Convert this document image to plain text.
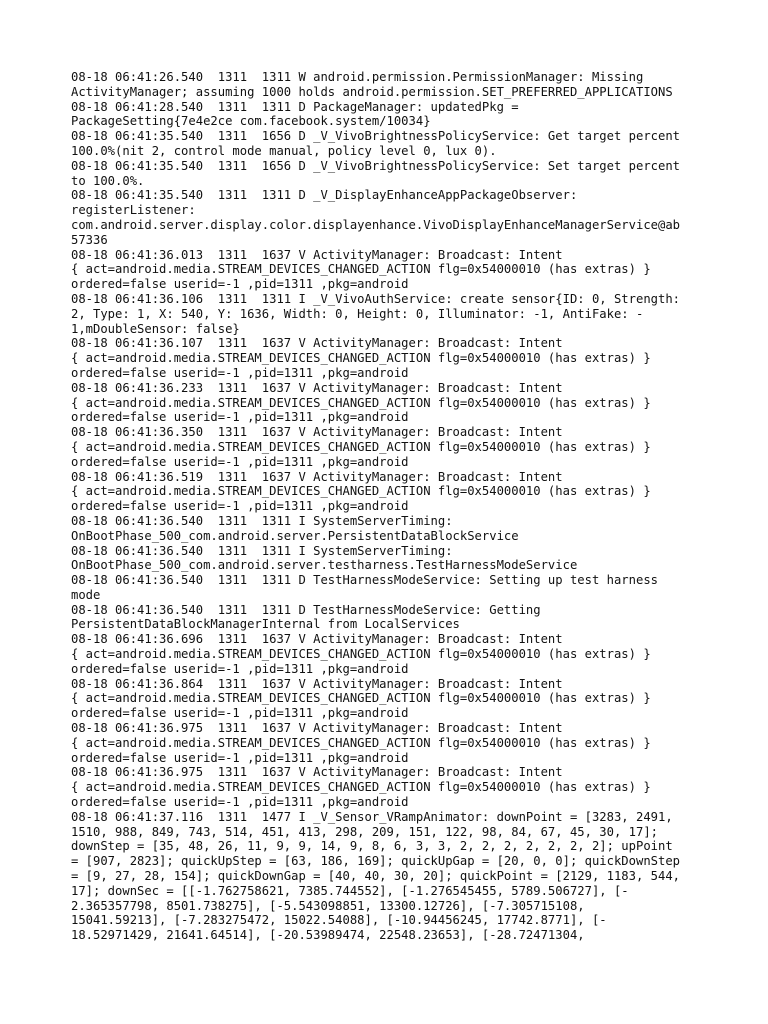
08-18 06:41:26.540  1311  1311 W android.permission.PermissionManager: Missing

ActivityManager; assuming 1000 holds android.permission.SET_PREFERRED_APPLICATIONS

08-18 06:41:28.540  1311  1311 D PackageManager: updatedPkg =

PackageSetting{7e4e2ce com.facebook.system/10034}

08-18 06:41:35.540  1311  1656 D _V_VivoBrightnessPolicyService: Get target percent

100.0%(nit 2, control mode manual, policy level 0, lux 0).

08-18 06:41:35.540  1311  1656 D _V_VivoBrightnessPolicyService: Set target percent

to 100.0%.

08-18 06:41:35.540  1311  1311 D _V_DisplayEnhanceAppPackageObserver:

registerListener:

com.android.server.display.color.displayenhance.VivoDisplayEnhanceManagerService@ab

57336

08-18 06:41:36.013  1311  1637 V ActivityManager: Broadcast: Intent

{ act=android.media.STREAM_DEVICES_CHANGED_ACTION flg=0x54000010 (has extras) }

ordered=false userid=-1 ,pid=1311 ,pkg=android

08-18 06:41:36.106  1311  1311 I _V_VivoAuthService: create sensor{ID: 0, Strength:

2, Type: 1, X: 540, Y: 1636, Width: 0, Height: 0, Illuminator: -1, AntiFake: -

1,mDoubleSensor: false}

08-18 06:41:36.107  1311  1637 V ActivityManager: Broadcast: Intent

{ act=android.media.STREAM_DEVICES_CHANGED_ACTION flg=0x54000010 (has extras) }

ordered=false userid=-1 ,pid=1311 ,pkg=android

08-18 06:41:36.233  1311  1637 V ActivityManager: Broadcast: Intent

{ act=android.media.STREAM_DEVICES_CHANGED_ACTION flg=0x54000010 (has extras) }

ordered=false userid=-1 ,pid=1311 ,pkg=android

08-18 06:41:36.350  1311  1637 V ActivityManager: Broadcast: Intent

{ act=android.media.STREAM_DEVICES_CHANGED_ACTION flg=0x54000010 (has extras) }

ordered=false userid=-1 ,pid=1311 ,pkg=android

08-18 06:41:36.519  1311  1637 V ActivityManager: Broadcast: Intent

{ act=android.media.STREAM_DEVICES_CHANGED_ACTION flg=0x54000010 (has extras) }

ordered=false userid=-1 ,pid=1311 ,pkg=android

08-18 06:41:36.540  1311  1311 I SystemServerTiming:

OnBootPhase_500_com.android.server.PersistentDataBlockService

08-18 06:41:36.540  1311  1311 I SystemServerTiming:

OnBootPhase_500_com.android.server.testharness.TestHarnessModeService

08-18 06:41:36.540  1311  1311 D TestHarnessModeService: Setting up test harness

mode

08-18 06:41:36.540  1311  1311 D TestHarnessModeService: Getting

PersistentDataBlockManagerInternal from LocalServices

08-18 06:41:36.696  1311  1637 V ActivityManager: Broadcast: Intent

{ act=android.media.STREAM_DEVICES_CHANGED_ACTION flg=0x54000010 (has extras) }

ordered=false userid=-1 ,pid=1311 ,pkg=android

08-18 06:41:36.864  1311  1637 V ActivityManager: Broadcast: Intent

{ act=android.media.STREAM_DEVICES_CHANGED_ACTION flg=0x54000010 (has extras) }

ordered=false userid=-1 ,pid=1311 ,pkg=android

08-18 06:41:36.975  1311  1637 V ActivityManager: Broadcast: Intent

{ act=android.media.STREAM_DEVICES_CHANGED_ACTION flg=0x54000010 (has extras) }

ordered=false userid=-1 ,pid=1311 ,pkg=android

08-18 06:41:36.975  1311  1637 V ActivityManager: Broadcast: Intent

{ act=android.media.STREAM_DEVICES_CHANGED_ACTION flg=0x54000010 (has extras) }

ordered=false userid=-1 ,pid=1311 ,pkg=android

08-18 06:41:37.116  1311  1477 I _V_Sensor_VRampAnimator: downPoint = [3283, 2491,

1510, 988, 849, 743, 514, 451, 413, 298, 209, 151, 122, 98, 84, 67, 45, 30, 17];

downStep = [35, 48, 26, 11, 9, 9, 14, 9, 8, 6, 3, 3, 2, 2, 2, 2, 2, 2, 2]; upPoint

= [907, 2823]; quickUpStep = [63, 186, 169]; quickUpGap = [20, 0, 0]; quickDownStep

= [9, 27, 28, 154]; quickDownGap = [40, 40, 30, 20]; quickPoint = [2129, 1183, 544,

17]; downSec = [[-1.762758621, 7385.744552], [-1.276545455, 5789.506727], [-

2.365357798, 8501.738275], [-5.543098851, 13300.12726], [-7.305715108,

15041.59213], [-7.283275472, 15022.54088], [-10.94456245, 17742.8771], [-

18.52971429, 21641.64514], [-20.53989474, 22548.23653], [-28.72471304,
